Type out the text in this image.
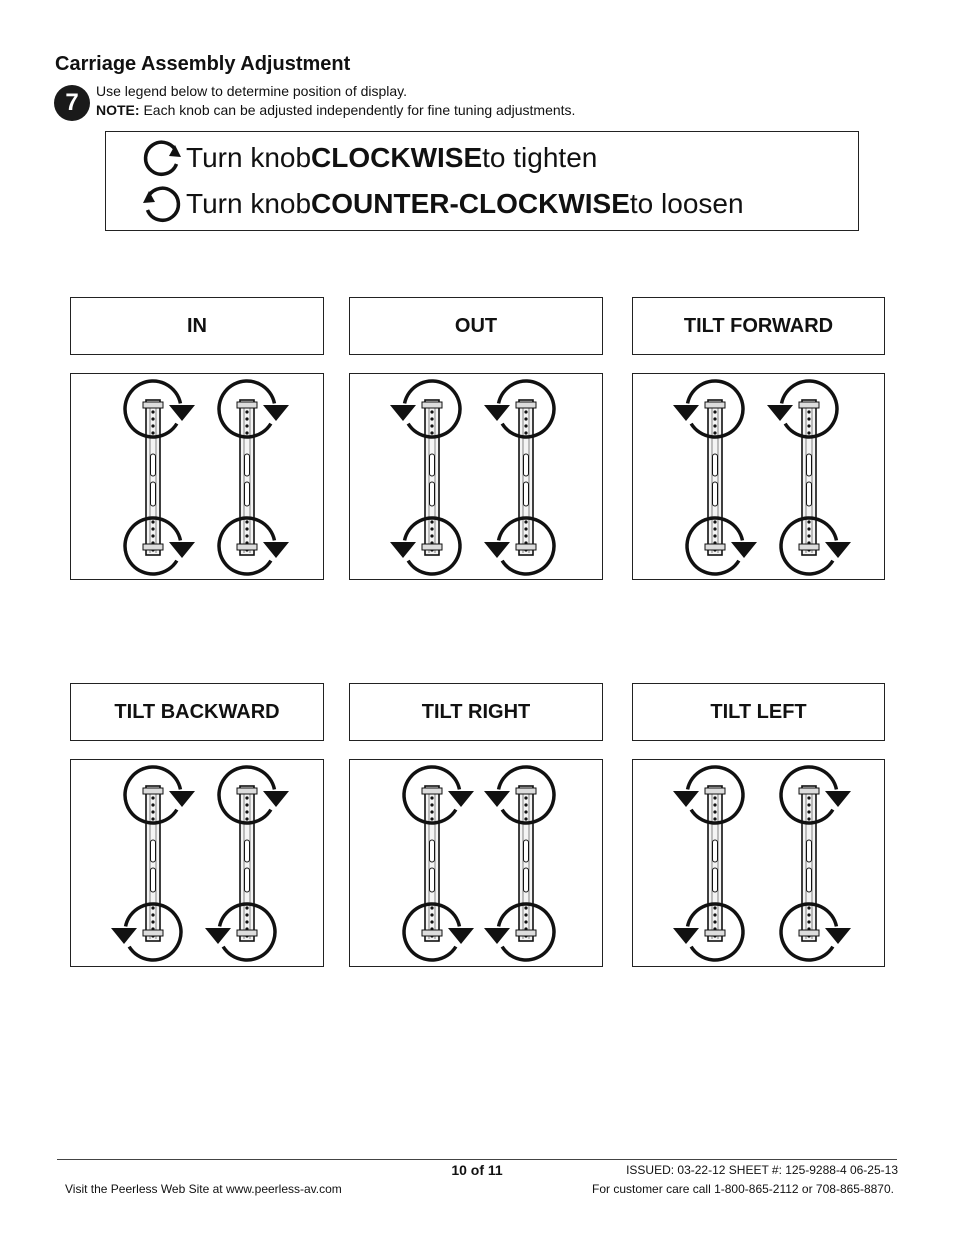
Carriage Assembly Adjustment
7	Use legend below to determine position of display.
NOTE: Each knob can be adjusted independently for fine tuning adjustments.
Turn knob CLOCKWISE to tighten
Turn knob COUNTER-CLOCKWISE to loosen
IN	OUT	TILT FORWARD
TILT BACKWARD	TILT RIGHT	TILT LEFT
10 of 11	ISSUED: 03-22-12 SHEET #: 125-9288-4 06-25-13
Visit the Peerless Web Site at www.peerless-av.com	For customer care call 1-800-865-2112 or 708-865-8870.
